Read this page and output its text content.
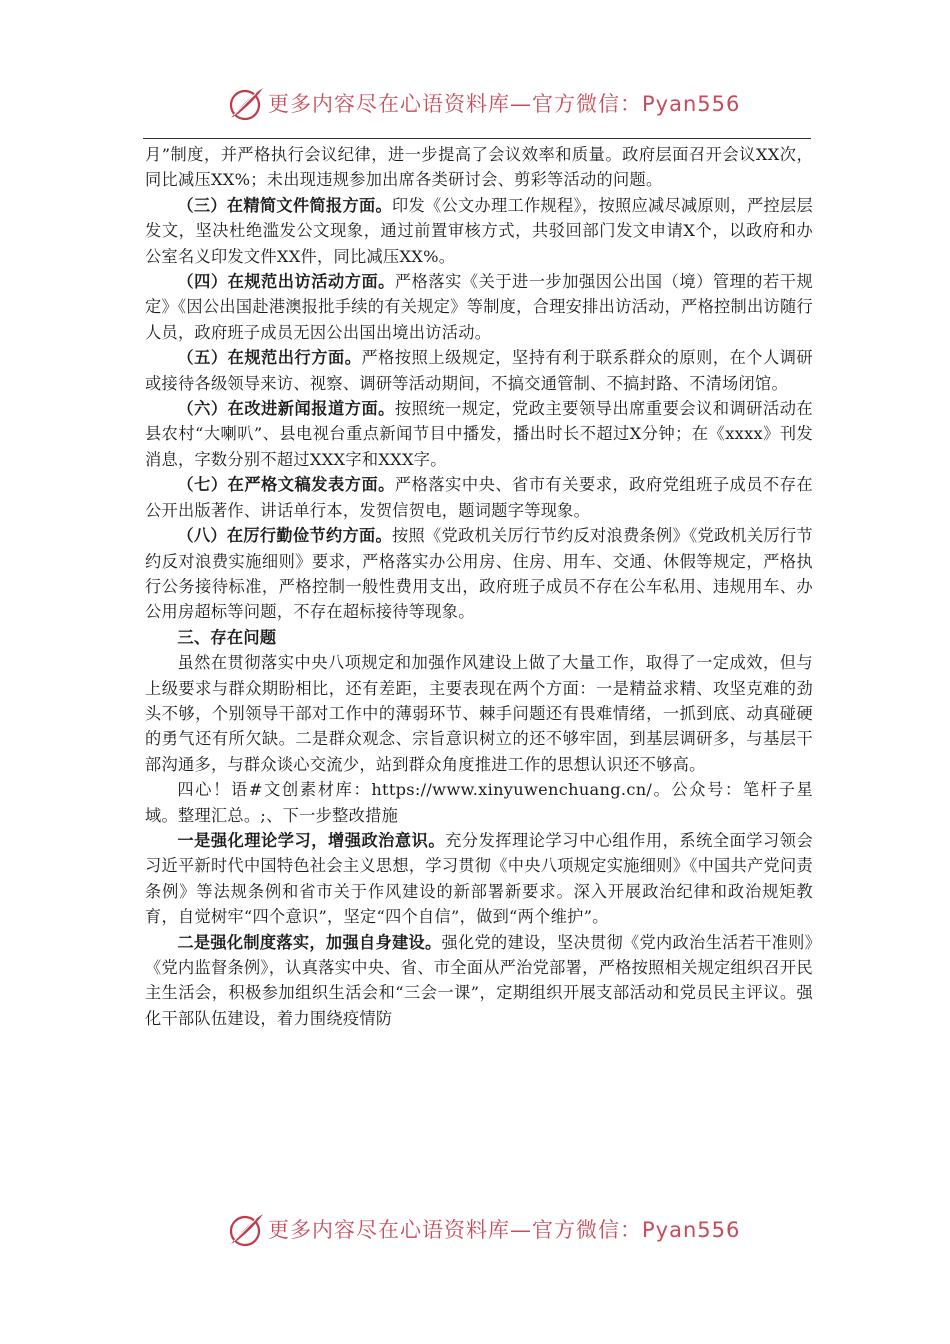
更多内容尽在心语资料库—官方微信：Pyan556

月”制度，并严格执行会议纪律，进一步提高了会议效率和质量。政府层面召开会议XX次，同比减压XX%；未出现违规参加出席各类研讨会、剪彩等活动的问题。

（三）在精简文件简报方面。印发《公文办理工作规程》，按照应减尽减原则，严控层层发文，坚决杜绝滥发公文现象，通过前置审核方式，共驳回部门发文申请X个，以政府和办公室名义印发文件XX件，同比减压XX%。

（四）在规范出访活动方面。严格落实《关于进一步加强因公出国（境）管理的若干规定》《因公出国赴港澳报批手续的有关规定》等制度，合理安排出访活动，严格控制出访随行人员，政府班子成员无因公出国出境出访活动。

（五）在规范出行方面。严格按照上级规定，坚持有利于联系群众的原则，在个人调研或接待各级领导来访、视察、调研等活动期间，不搞交通管制、不搞封路、不清场闭馆。

（六）在改进新闻报道方面。按照统一规定，党政主要领导出席重要会议和调研活动在县农村“大喇叭”、县电视台重点新闻节目中播发，播出时长不超过X分钟；在《xxxx》刊发消息，字数分别不超过XXX字和XXX字。

（七）在严格文稿发表方面。严格落实中央、省市有关要求，政府党组班子成员不存在公开出版著作、讲话单行本，发贺信贺电，题词题字等现象。

（八）在厉行勤俭节约方面。按照《党政机关厉行节约反对浪费条例》《党政机关厉行节约反对浪费实施细则》要求，严格落实办公用房、住房、用车、交通、休假等规定，严格执行公务接待标准，严格控制一般性费用支出，政府班子成员不存在公车私用、违规用车、办公用房超标等问题，不存在超标接待等现象。

三、存在问题

虽然在贯彻落实中央八项规定和加强作风建设上做了大量工作，取得了一定成效，但与上级要求与群众期盼相比，还有差距，主要表现在两个方面：一是精益求精、攻坚克难的劲头不够，个别领导干部对工作中的薄弱环节、棘手问题还有畏难情绪，一抓到底、动真碰硬的勇气还有所欠缺。二是群众观念、宗旨意识树立的还不够牢固，到基层调研多，与基层干部沟通多，与群众谈心交流少，站到群众角度推进工作的思想认识还不够高。

四心！语#文创素材库：https://www.xinyuwenchuang.cn/。公众号：笔杆子星域。整理汇总。;、下一步整改措施

一是强化理论学习，增强政治意识。充分发挥理论学习中心组作用，系统全面学习领会习近平新时代中国特色社会主义思想，学习贯彻《中央八项规定实施细则》《中国共产党问责条例》等法规条例和省市关于作风建设的新部署新要求。深入开展政治纪律和政治规矩教育，自觉树牢“四个意识”，坚定“四个自信”，做到“两个维护”。

二是强化制度落实，加强自身建设。强化党的建设，坚决贯彻《党内政治生活若干准则》《党内监督条例》，认真落实中央、省、市全面从严治党部署，严格按照相关规定组织召开民主生活会，积极参加组织生活会和“三会一课”，定期组织开展支部活动和党员民主评议。强化干部队伍建设，着力围绕疫情防

更多内容尽在心语资料库—官方微信：Pyan556
